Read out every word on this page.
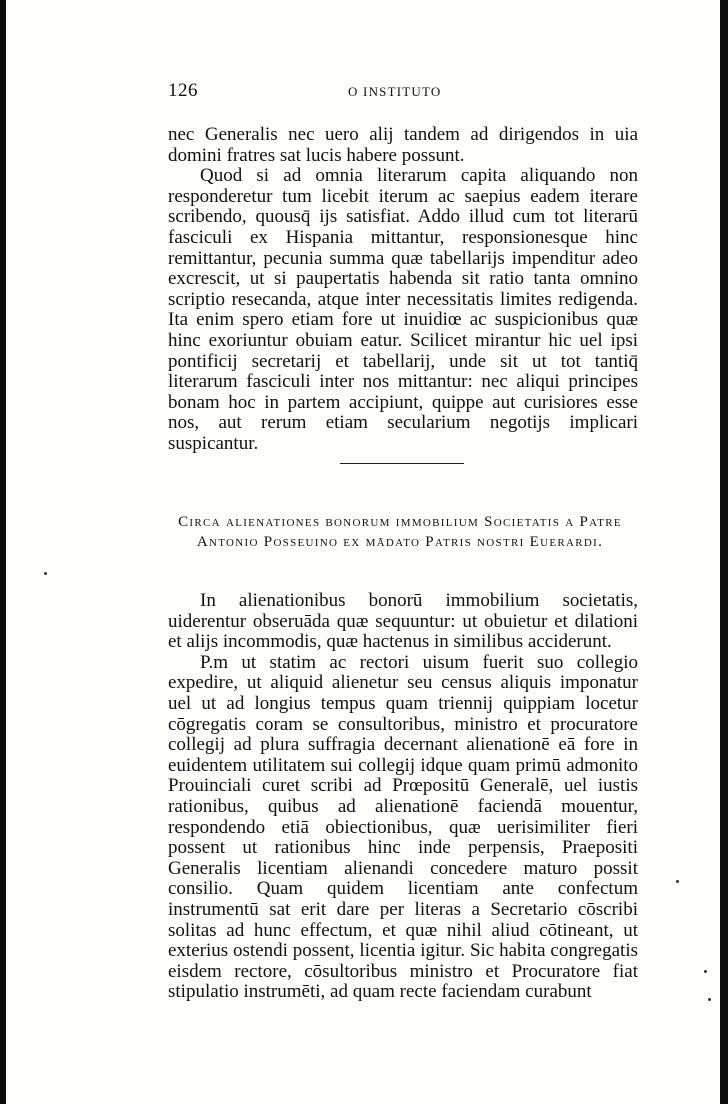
126	O INSTITUTO

nec Generalis nec uero alij tandem ad dirigendos in uia domini fratres sat lucis habere possunt.

Quod si ad omnia literarum capita aliquando non responderetur tum licebit iterum ac saepius eadem iterare scribendo, quousq̄ ijs satisfiat. Addo illud cum tot literarū fasciculi ex Hispania mittantur, responsionesque hinc remittantur, pecunia summa quæ tabellarijs impenditur adeo excrescit, ut si paupertatis habenda sit ratio tanta omnino scriptio resecanda, atque inter necessitatis limites redigenda. Ita enim spero etiam fore ut inuidiœ ac suspicionibus quæ hinc exoriuntur obuiam eatur. Scilicet mirantur hic uel ipsi pontificij secretarij et tabellarij, unde sit ut tot tantiq̄ literarum fasciculi inter nos mittantur: nec aliqui principes bonam hoc in partem accipiunt, quippe aut curisiores esse nos, aut rerum etiam secularium negotijs implicari suspicantur.

Circa alienationes bonorum immobilium Societatis a Patre
Antonio Posseuino ex mādato Patris nostri Euerardi.

In alienationibus bonorū immobilium societatis, uiderentur obseruāda quæ sequuntur: ut obuietur et dilationi et alijs incommodis, quæ hactenus in similibus acciderunt.

P.m ut statim ac rectori uisum fuerit suo collegio expedire, ut aliquid alienetur seu census aliquis imponatur uel ut ad longius tempus quam triennij quippiam locetur cōgregatis coram se consultoribus, ministro et procuratore collegij ad plura suffragia decernant alienationē eā fore in euidentem utilitatem sui collegij idque quam primū admonito Prouinciali curet scribi ad Prœpositū Generalē, uel iustis rationibus, quibus ad alienationē faciendā mouentur, respondendo etiā obiectionibus, quæ uerisimiliter fieri possent ut rationibus hinc inde perpensis, Praepositi Generalis licentiam alienandi concedere maturo possit consilio. Quam quidem licentiam ante confectum instrumentū sat erit dare per literas a Secretario cōscribi solitas ad hunc effectum, et quæ nihil aliud cōtineant, ut exterius ostendi possent, licentia igitur. Sic habita congregatis eisdem rectore, cōsultoribus ministro et Procuratore fiat stipulatio instrumēti, ad quam recte faciendam curabunt
